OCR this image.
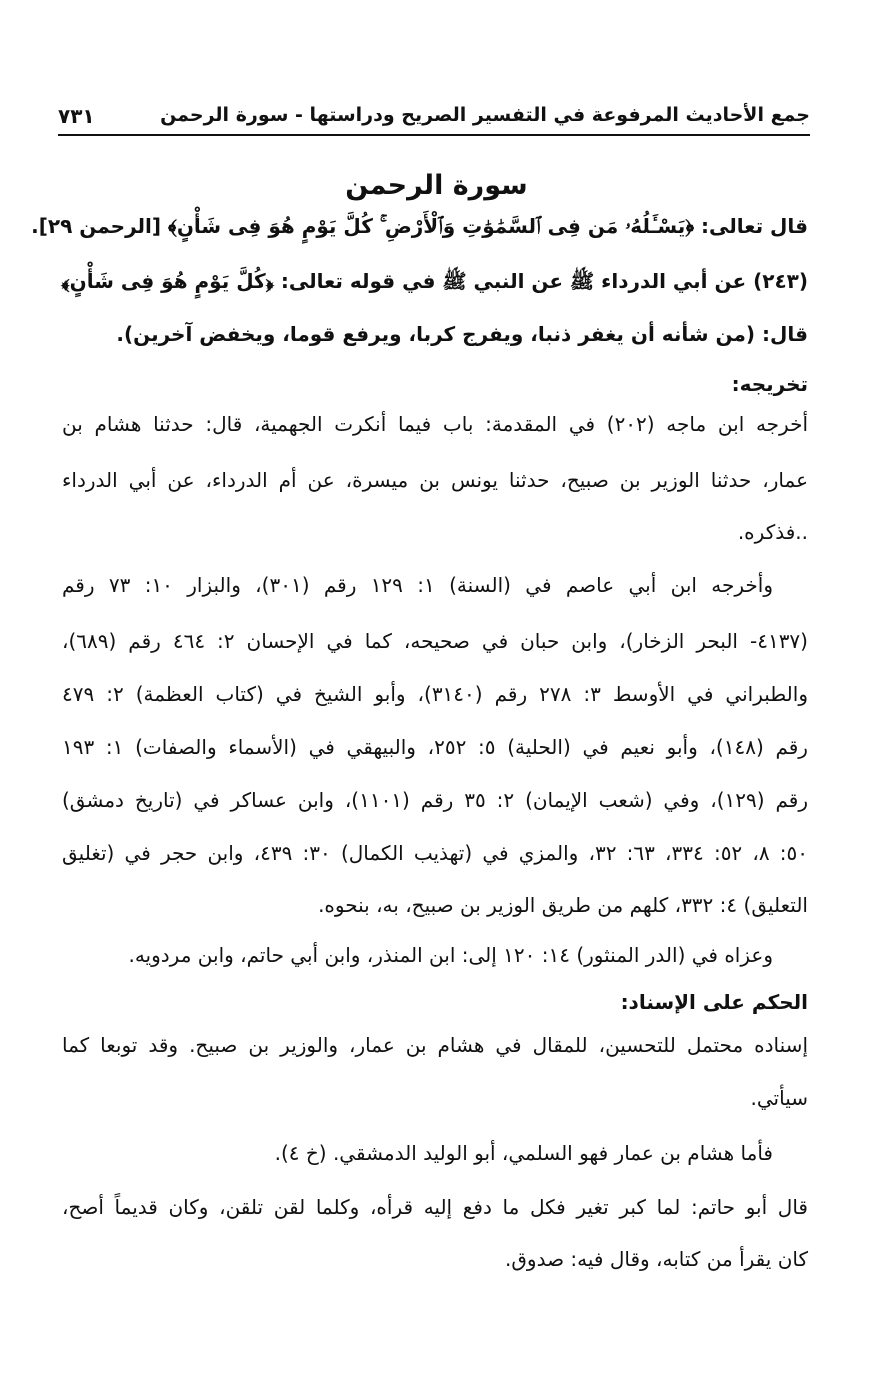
جمع الأحاديث المرفوعة في التفسير الصريح ودراستها - سورة الرحمن
٧٣١
سورة الرحمن
قال تعالى: ﴿يَسْـَٔلُهُۥ مَن فِى ٱلسَّمَٰوَٰتِ وَٱلْأَرْضِ ۚ كُلَّ يَوْمٍ هُوَ فِى شَأْنٍ﴾ [الرحمن ٢٩].
(٢٤٣) عن أبي الدرداء ﷺ عن النبي ﷺ في قوله تعالى: ﴿كُلَّ يَوْمٍ هُوَ فِى شَأْنٍ﴾
قال: (من شأنه أن يغفر ذنبا، ويفرج كربا، ويرفع قوما، ويخفض آخرين).
تخريجه:
أخرجه ابن ماجه (٢٠٢) في المقدمة: باب فيما أنكرت الجهمية، قال: حدثنا هشام بن
عمار، حدثنا الوزير بن صبيح، حدثنا يونس بن ميسرة، عن أم الدرداء، عن أبي الدرداء
..فذكره.
وأخرجه ابن أبي عاصم في (السنة) ١: ١٢٩ رقم (٣٠١)، والبزار ١٠: ٧٣ رقم
(٤١٣٧- البحر الزخار)، وابن حبان في صحيحه، كما في الإحسان ٢: ٤٦٤ رقم (٦٨٩)،
والطبراني في الأوسط ٣: ٢٧٨ رقم (٣١٤٠)، وأبو الشيخ في (كتاب العظمة) ٢: ٤٧٩
رقم (١٤٨)، وأبو نعيم في (الحلية) ٥: ٢٥٢، والبيهقي في (الأسماء والصفات) ١: ١٩٣
رقم (١٢٩)، وفي (شعب الإيمان) ٢: ٣٥ رقم (١١٠١)، وابن عساكر في (تاريخ دمشق)
٥٠: ٨، ٥٢: ٣٣٤، ٦٣: ٣٢، والمزي في (تهذيب الكمال) ٣٠: ٤٣٩، وابن حجر في (تغليق
التعليق) ٤: ٣٣٢، كلهم من طريق الوزير بن صبيح، به، بنحوه.
وعزاه في (الدر المنثور) ١٤: ١٢٠ إلى: ابن المنذر، وابن أبي حاتم، وابن مردويه.
الحكم على الإسناد:
إسناده محتمل للتحسين، للمقال في هشام بن عمار، والوزير بن صبيح. وقد توبعا كما
سيأتي.
فأما هشام بن عمار فهو السلمي، أبو الوليد الدمشقي. (خ ٤).
قال أبو حاتم: لما كبر تغير فكل ما دفع إليه قرأه، وكلما لقن تلقن، وكان قديماً أصح،
كان يقرأ من كتابه، وقال فيه: صدوق.
